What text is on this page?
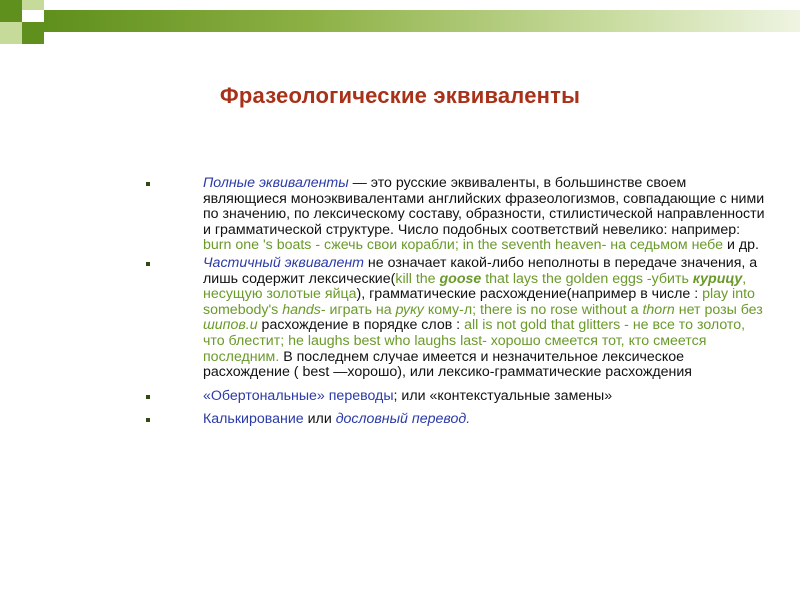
Фразеологические эквиваленты
Полные эквиваленты — это русские эквиваленты, в большинстве своем являющиеся моноэквивалентами английских фразеологизмов, совпадающие с ними по значению, по лексическому составу, образности, стилистической направленности и грамматической структуре. Число подобных соответствий невелико: например: burn one 's boats - сжечь свои корабли; in the seventh heaven- на седьмом небе и др.
Частичный эквивалент не означает какой-либо неполноты в передаче значения, а лишь содержит лексические(kill the goose that lays the golden eggs -убить курицу, несущую золотые яйца), грамматические расхождение(например в числе : play into somebody's hands- играть на руку кому-л; there is no rose without a thorn нет розы без шипов.и расхождение в порядке слов : all is not gold that glitters - не все то золото, что блестит; he laughs best who laughs last- хорошо смеется тот, кто смеется последним. В последнем случае имеется и незначительное лексическое расхождение ( best —хорошо), или лексико-грамматические расхождения
«Обертональные» переводы; или «контекстуальные замены»
Калькирование или дословный перевод.
